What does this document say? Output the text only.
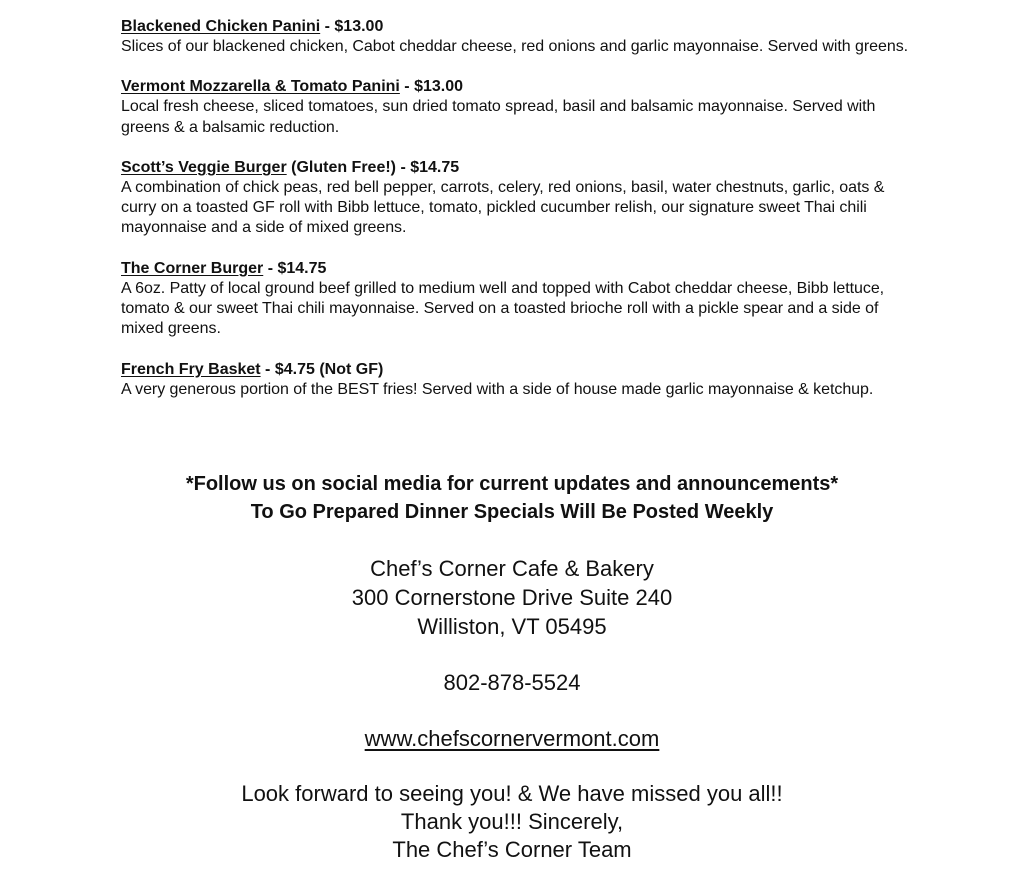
Blackened Chicken Panini - $13.00
Slices of our blackened chicken, Cabot cheddar cheese, red onions and garlic mayonnaise. Served with greens.
Vermont Mozzarella & Tomato Panini - $13.00
Local fresh cheese, sliced tomatoes, sun dried tomato spread, basil and balsamic mayonnaise. Served with greens & a balsamic reduction.
Scott’s Veggie Burger (Gluten Free!) - $14.75
A combination of chick peas, red bell pepper, carrots, celery, red onions, basil, water chestnuts, garlic, oats & curry on a toasted GF roll with Bibb lettuce, tomato, pickled cucumber relish, our signature sweet Thai chili mayonnaise and a side of mixed greens.
The Corner Burger - $14.75
A 6oz. Patty of local ground beef grilled to medium well and topped with Cabot cheddar cheese, Bibb lettuce, tomato & our sweet Thai chili mayonnaise. Served on a toasted brioche roll with a pickle spear and a side of mixed greens.
French Fry Basket - $4.75 (Not GF)
A very generous portion of the BEST fries! Served with a side of house made garlic mayonnaise & ketchup.
*Follow us on social media for current updates and announcements*
To Go Prepared Dinner Specials Will Be Posted Weekly
Chef’s Corner Cafe & Bakery
300 Cornerstone Drive Suite 240
Williston, VT 05495
802-878-5524
www.chefscornervermont.com
Look forward to seeing you! & We have missed you all!!
Thank you!!! Sincerely,
The Chef’s Corner Team
